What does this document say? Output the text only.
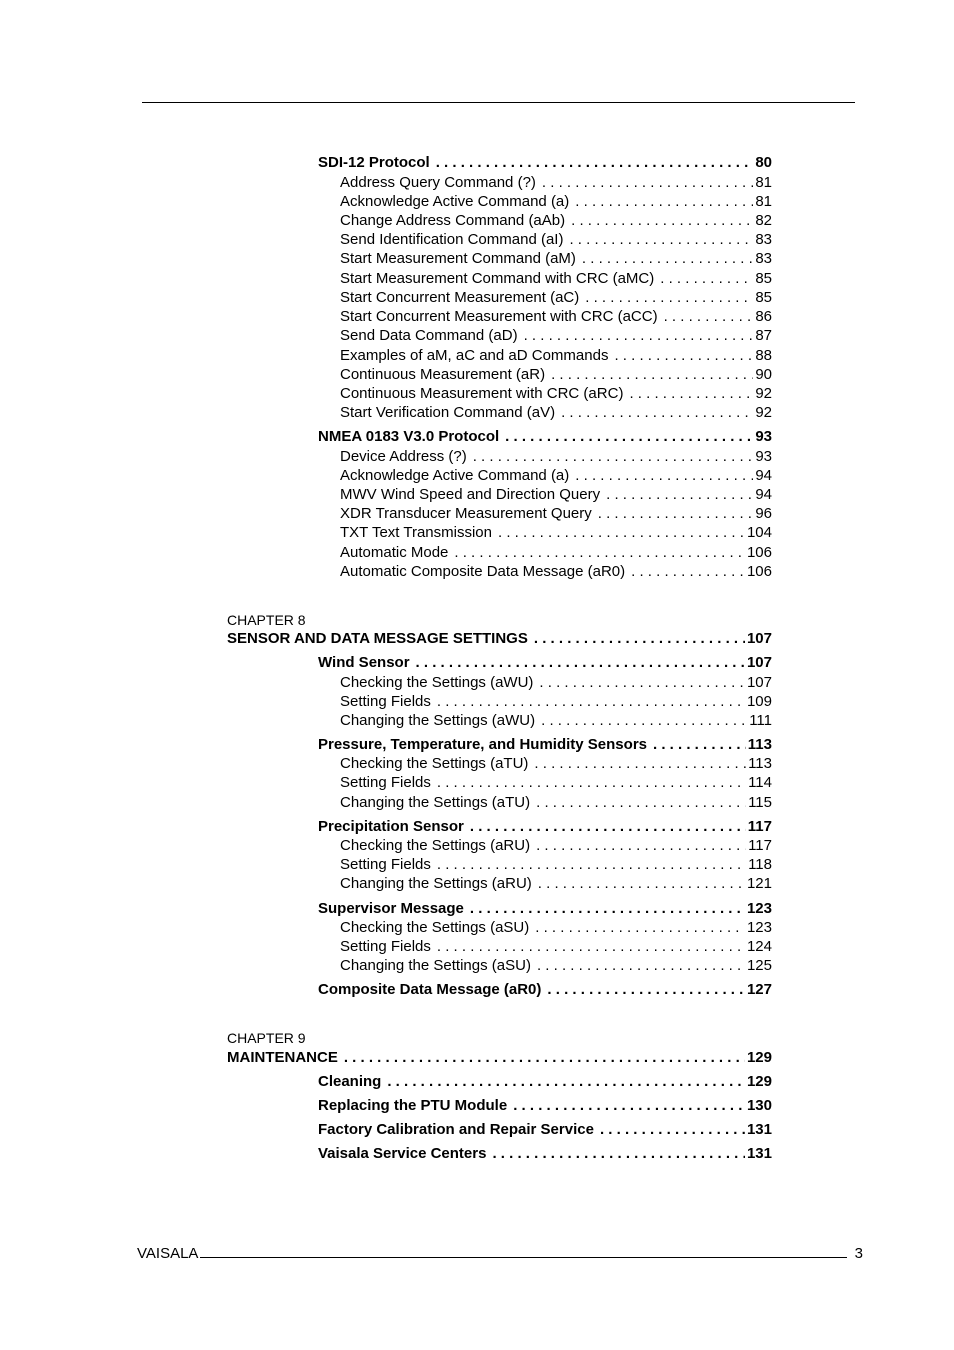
SDI-12 Protocol . . .	80
Address Query Command (?) . . .	81
Acknowledge Active Command (a) . . .	81
Change Address Command (aAb) . . .	82
Send Identification Command (aI) . . .	83
Start Measurement Command (aM) . . .	83
Start Measurement Command with CRC (aMC) . . .	85
Start Concurrent Measurement (aC) . . .	85
Start Concurrent Measurement with CRC (aCC) . . .	86
Send Data Command (aD) . . .	87
Examples of aM, aC and aD Commands . . .	88
Continuous Measurement (aR) . . .	90
Continuous Measurement with CRC (aRC) . . .	92
Start Verification Command (aV) . . .	92
NMEA 0183 V3.0 Protocol . . .	93
Device Address (?) . . .	93
Acknowledge Active Command (a) . . .	94
MWV Wind Speed and Direction Query . . .	94
XDR Transducer Measurement Query . . .	96
TXT Text Transmission . . .	104
Automatic Mode . . .	106
Automatic Composite Data Message (aR0) . . .	106
CHAPTER 8
SENSOR AND DATA MESSAGE SETTINGS . . .	107
Wind Sensor . . .	107
Checking the Settings (aWU) . . .	107
Setting Fields . . .	109
Changing the Settings (aWU) . . .	111
Pressure, Temperature, and Humidity Sensors . . .	113
Checking the Settings (aTU) . . .	113
Setting Fields . . .	114
Changing the Settings (aTU) . . .	115
Precipitation Sensor . . .	117
Checking the Settings (aRU) . . .	117
Setting Fields . . .	118
Changing the Settings (aRU) . . .	121
Supervisor Message . . .	123
Checking the Settings (aSU) . . .	123
Setting Fields . . .	124
Changing the Settings (aSU) . . .	125
Composite Data Message (aR0) . . .	127
CHAPTER 9
MAINTENANCE . . .	129
Cleaning . . .	129
Replacing the PTU Module . . .	130
Factory Calibration and Repair Service . . .	131
Vaisala Service Centers . . .	131
VAISALA	3
